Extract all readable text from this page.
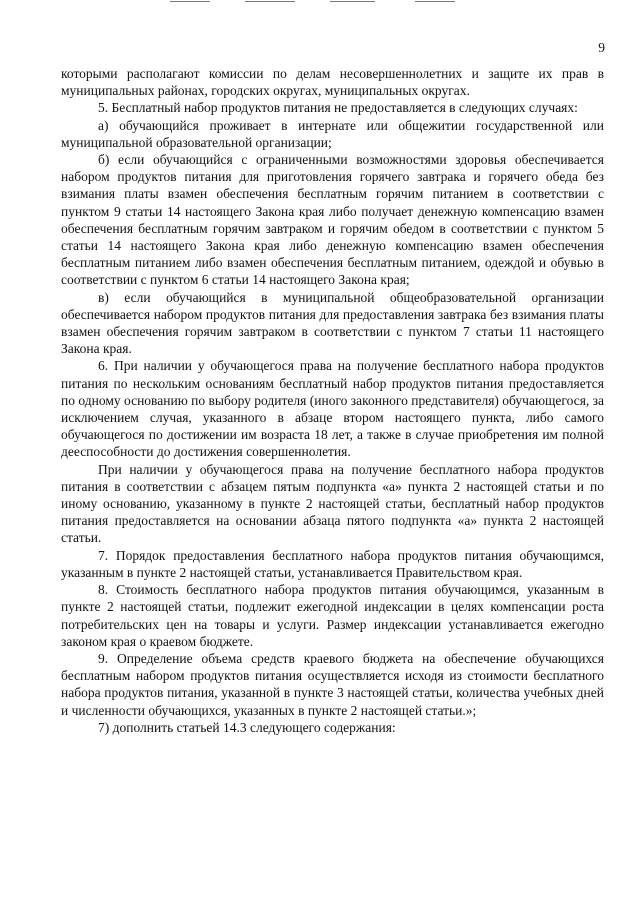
9

которыми располагают комиссии по делам несовершеннолетних и защите их прав в муниципальных районах, городских округах, муниципальных округах.

5. Бесплатный набор продуктов питания не предоставляется в следующих случаях:

а) обучающийся проживает в интернате или общежитии государственной или муниципальной образовательной организации;

б) если обучающийся с ограниченными возможностями здоровья обеспечивается набором продуктов питания для приготовления горячего завтрака и горячего обеда без взимания платы взамен обеспечения бесплатным горячим питанием в соответствии с пунктом 9 статьи 14 настоящего Закона края либо получает денежную компенсацию взамен обеспечения бесплатным горячим завтраком и горячим обедом в соответствии с пунктом 5 статьи 14 настоящего Закона края либо денежную компенсацию взамен обеспечения бесплатным питанием либо взамен обеспечения бесплатным питанием, одеждой и обувью в соответствии с пунктом 6 статьи 14 настоящего Закона края;

в) если обучающийся в муниципальной общеобразовательной организации обеспечивается набором продуктов питания для предоставления завтрака без взимания платы взамен обеспечения горячим завтраком в соответствии с пунктом 7 статьи 11 настоящего Закона края.

6. При наличии у обучающегося права на получение бесплатного набора продуктов питания по нескольким основаниям бесплатный набор продуктов питания предоставляется по одному основанию по выбору родителя (иного законного представителя) обучающегося, за исключением случая, указанного в абзаце втором настоящего пункта, либо самого обучающегося по достижении им возраста 18 лет, а также в случае приобретения им полной дееспособности до достижения совершеннолетия.

При наличии у обучающегося права на получение бесплатного набора продуктов питания в соответствии с абзацем пятым подпункта «а» пункта 2 настоящей статьи и по иному основанию, указанному в пункте 2 настоящей статьи, бесплатный набор продуктов питания предоставляется на основании абзаца пятого подпункта «а» пункта 2 настоящей статьи.

7. Порядок предоставления бесплатного набора продуктов питания обучающимся, указанным в пункте 2 настоящей статьи, устанавливается Правительством края.

8. Стоимость бесплатного набора продуктов питания обучающимся, указанным в пункте 2 настоящей статьи, подлежит ежегодной индексации в целях компенсации роста потребительских цен на товары и услуги. Размер индексации устанавливается ежегодно законом края о краевом бюджете.

9. Определение объема средств краевого бюджета на обеспечение обучающихся бесплатным набором продуктов питания осуществляется исходя из стоимости бесплатного набора продуктов питания, указанной в пункте 3 настоящей статьи, количества учебных дней и численности обучающихся, указанных в пункте 2 настоящей статьи.»;

7) дополнить статьей 14.3 следующего содержания:
